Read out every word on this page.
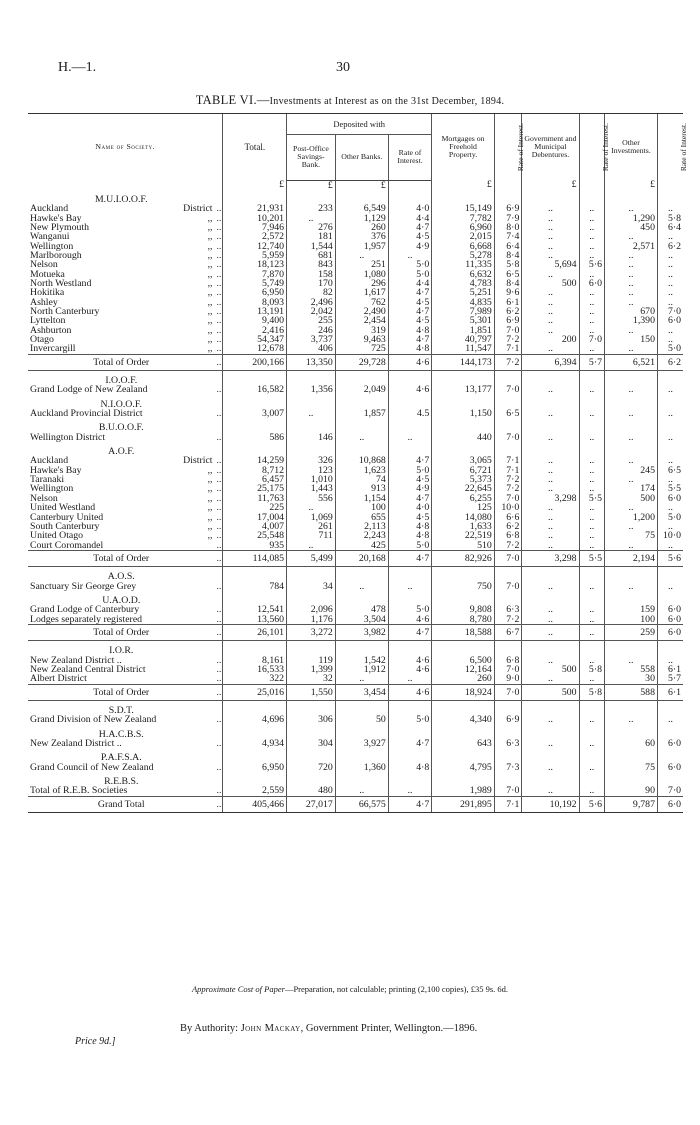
H.—1.	30
TABLE VI.—Investments at Interest as on the 31st December, 1894.
Name of Society.		Total.	Deposited with			Mortgages on Freehold Property.	Rate of Interest.	Government and Municipal Debentures.	Rate of Interest.	Other Investments.	Rate of Interest.
			Post-Office Savings-Bank.	Other Banks.	Rate of Interest.						
		£	£	£		£		£		£	
M.U.I.O.O.F.											
Auckland District	..	21,931	233	6,549	4·0	15,149	6·9	..	..	..	..
Hawke's Bay ,,	..	10,201	..	1,129	4·4	7,782	7·9	..	..	1,290	5·8
New Plymouth ,,	..	7,946	276	260	4·7	6,960	8·0	..	..	450	6·4
Wanganui ,,	..	2,572	181	376	4·5	2,015	7·4	..	..	..	..
Wellington ,,	..	12,740	1,544	1,957	4·9	6,668	6·4	..	..	2,571	6·2
Marlborough ,,	..	5,959	681	..	..	5,278	8·4	..	..	..	..
Nelson ,,	..	18,123	843	251	5·0	11,335	5·8	5,694	5·6	..	..
Motueka ,,	..	7,870	158	1,080	5·0	6,632	6·5	..	..	..	..
North Westland ,,	..	5,749	170	296	4·4	4,783	8·4	500	6·0	..	..
Hokitika ,,	..	6,950	82	1,617	4·7	5,251	9·6	..	..	..	..
Ashley ,,	..	8,093	2,496	762	4·5	4,835	6·1	..	..	..	..
North Canterbury ,,	..	13,191	2,042	2,490	4·7	7,989	6·2	..	..	670	7·0
Lyttelton ,,	..	9,400	255	2,454	4·5	5,301	6·9	..	..	1,390	6·0
Ashburton ,,	..	2,416	246	319	4·8	1,851	7·0	..	..	..	..
Otago ,,	..	54,347	3,737	9,463	4·7	40,797	7·2	200	7·0	150	..
Invercargill ,,	..	12,678	406	725	4·8	11,547	7·1	..	..	..	5·0
Total of Order	..	200,166	13,350	29,728	4·6	144,173	7·2	6,394	5·7	6,521	6·2
I.O.O.F.											
Grand Lodge of New Zealand	..	16,582	1,356	2,049	4·6	13,177	7·0	..	..	..	..
N.I.O.O.F.											
Auckland Provincial District	..	3,007	..	1,857	4.5	1,150	6·5	..	..	..	..
B.U.O.O.F.											
Wellington District	..	586	146	..	..	440	7·0	..	..	..	..
A.O.F.											
Auckland District	..	14,259	326	10,868	4·7	3,065	7·1	..	..	..	..
Hawke's Bay ,,	..	8,712	123	1,623	5·0	6,721	7·1	..	..	245	6·5
Taranaki ,,	..	6,457	1,010	74	4·5	5,373	7·2	..	..	..	..
Wellington ,,	..	25,175	1,443	913	4·9	22,645	7·2	..	..	174	5·5
Nelson ,,	..	11,763	556	1,154	4·7	6,255	7·0	3,298	5·5	500	6·0
United Westland ,,	..	225	..	100	4·0	125	10·0	..	..	..	..
Canterbury United ,,	..	17,004	1,069	655	4·5	14,080	6·6	..	..	1,200	5·0
South Canterbury ,,	..	4,007	261	2,113	4·8	1,633	6·2	..	..	..	..
United Otago ,,	..	25,548	711	2,243	4·8	22,519	6·8	..	..	75	10·0
Court Coromandel	..	935	..	425	5·0	510	7·2	..	..	..	..
Total of Order	..	114,085	5,499	20,168	4·7	82,926	7·0	3,298	5·5	2,194	5·6
A.O.S.											
Sanctuary Sir George Grey	..	784	34	..	..	750	7·0	..	..	..	..
U.A.O.D.											
Grand Lodge of Canterbury	..	12,541	2,096	478	5·0	9,808	6·3	..	..	159	6·0
Lodges separately registered	..	13,560	1,176	3,504	4·6	8,780	7·2	..	..	100	6·0
Total of Order	..	26,101	3,272	3,982	4·7	18,588	6·7	..	..	259	6·0
I.O.R.											
New Zealand District ..	..	8,161	119	1,542	4·6	6,500	6·8	..	..	..	..
New Zealand Central District	..	16,533	1,399	1,912	4·6	12,164	7·0	500	5·8	558	6·1
Albert District	..	322	32	..	..	260	9·0	..	..	30	5·7
Total of Order	..	25,016	1,550	3,454	4·6	18,924	7·0	500	5·8	588	6·1
S.D.T.											
Grand Division of New Zealand	..	4,696	306	50	5·0	4,340	6·9	..	..	..	..
H.A.C.B.S.											
New Zealand District ..	..	4,934	304	3,927	4·7	643	6·3	..	..	60	6·0
P.A.F.S.A.											
Grand Council of New Zealand	..	6,950	720	1,360	4·8	4,795	7·3	..	..	75	6·0
R.E.B.S.											
Total of R.E.B. Societies	..	2,559	480	..	..	1,989	7·0	..	..	90	7·0
Grand Total	..	405,466	27,017	66,575	4·7	291,895	7·1	10,192	5·6	9,787	6·0
Approximate Cost of Paper—Preparation, not calculable; printing (2,100 copies), £35 9s. 6d.
By Authority: John Mackay, Government Printer, Wellington.—1896.
Price 9d.]
